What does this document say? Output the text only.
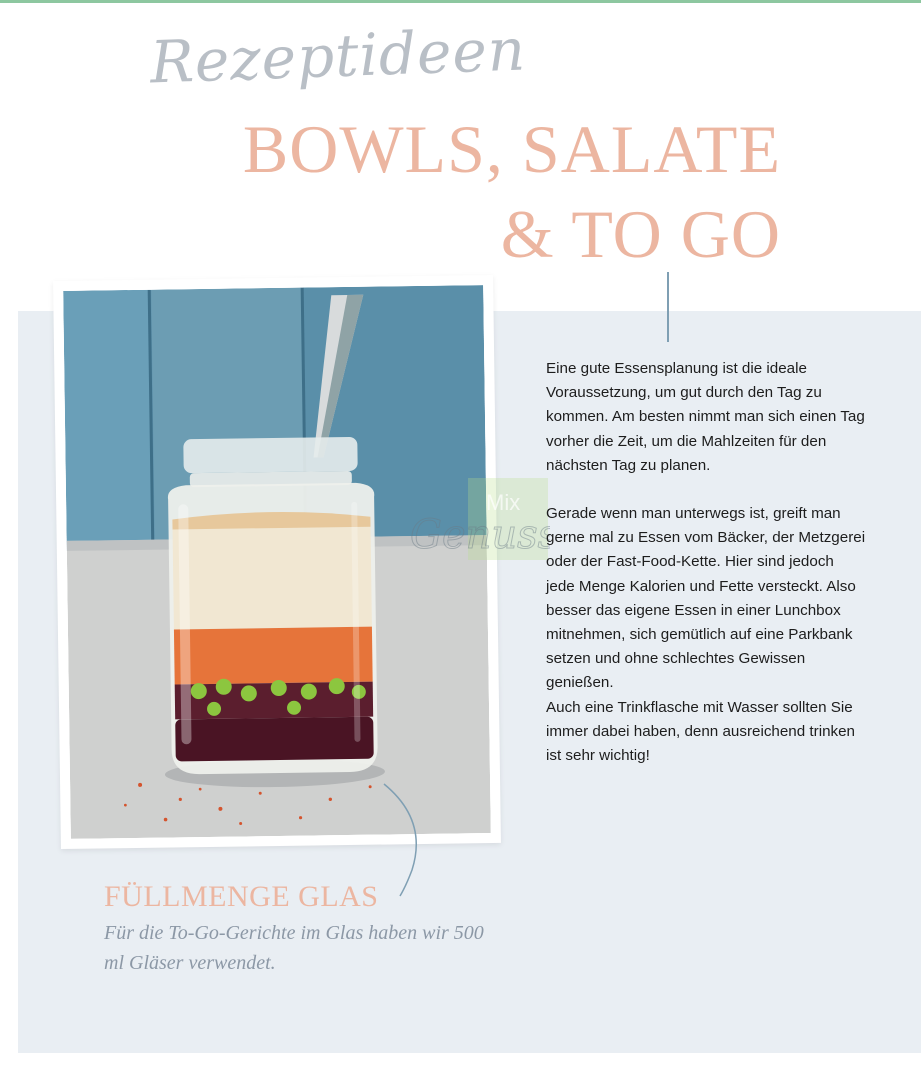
Rezeptideen
BOWLS, SALATE
& TO GO
Mix
Genuss

Eine gute Essensplanung ist die ideale Voraussetzung, um gut durch den Tag zu kommen. Am besten nimmt man sich einen Tag vorher die Zeit, um die Mahlzeiten für den nächsten Tag zu planen.

Gerade wenn man unterwegs ist, greift man gerne mal zu Essen vom Bäcker, der Metzgerei oder der Fast-Food-Kette. Hier sind jedoch jede Menge Kalorien und Fette versteckt. Also besser das eigene Essen in einer Lunchbox mitnehmen, sich gemütlich auf eine Parkbank setzen und ohne schlechtes Gewissen genießen.

Auch eine Trinkflasche mit Wasser sollten Sie immer dabei haben, denn ausreichend trinken ist sehr wichtig!

FÜLLMENGE GLAS
Für die To-Go-Gerichte im Glas haben wir 500 ml Gläser verwendet.
